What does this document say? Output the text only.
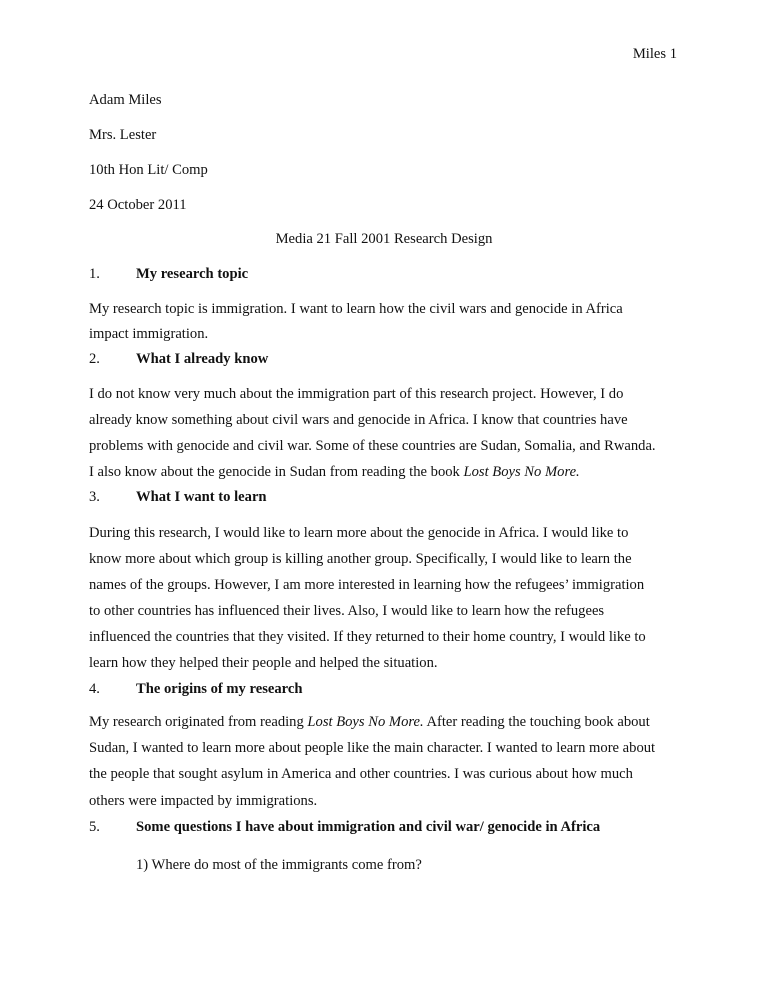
Miles 1
Adam Miles
Mrs. Lester
10th Hon Lit/ Comp
24 October 2011
Media 21 Fall 2001 Research Design
1. My research topic
My research topic is immigration. I want to learn how the civil wars and genocide in Africa
impact immigration.
2. What I already know
I do not know very much about the immigration part of this research project. However, I do
already know something about civil wars and genocide in Africa. I know that countries have
problems with genocide and civil war. Some of these countries are Sudan, Somalia, and Rwanda.
I also know about the genocide in Sudan from reading the book Lost Boys No More.
3. What I want to learn
During this research, I would like to learn more about the genocide in Africa. I would like to
know more about which group is killing another group. Specifically, I would like to learn the
names of the groups. However, I am more interested in learning how the refugees’ immigration
to other countries has influenced their lives. Also, I would like to learn how the refugees
influenced the countries that they visited. If they returned to their home country, I would like to
learn how they helped their people and helped the situation.
4. The origins of my research
My research originated from reading Lost Boys No More. After reading the touching book about
Sudan, I wanted to learn more about people like the main character. I wanted to learn more about
the people that sought asylum in America and other countries. I was curious about how much
others were impacted by immigrations.
5. Some questions I have about immigration and civil war/ genocide in Africa
1) Where do most of the immigrants come from?
